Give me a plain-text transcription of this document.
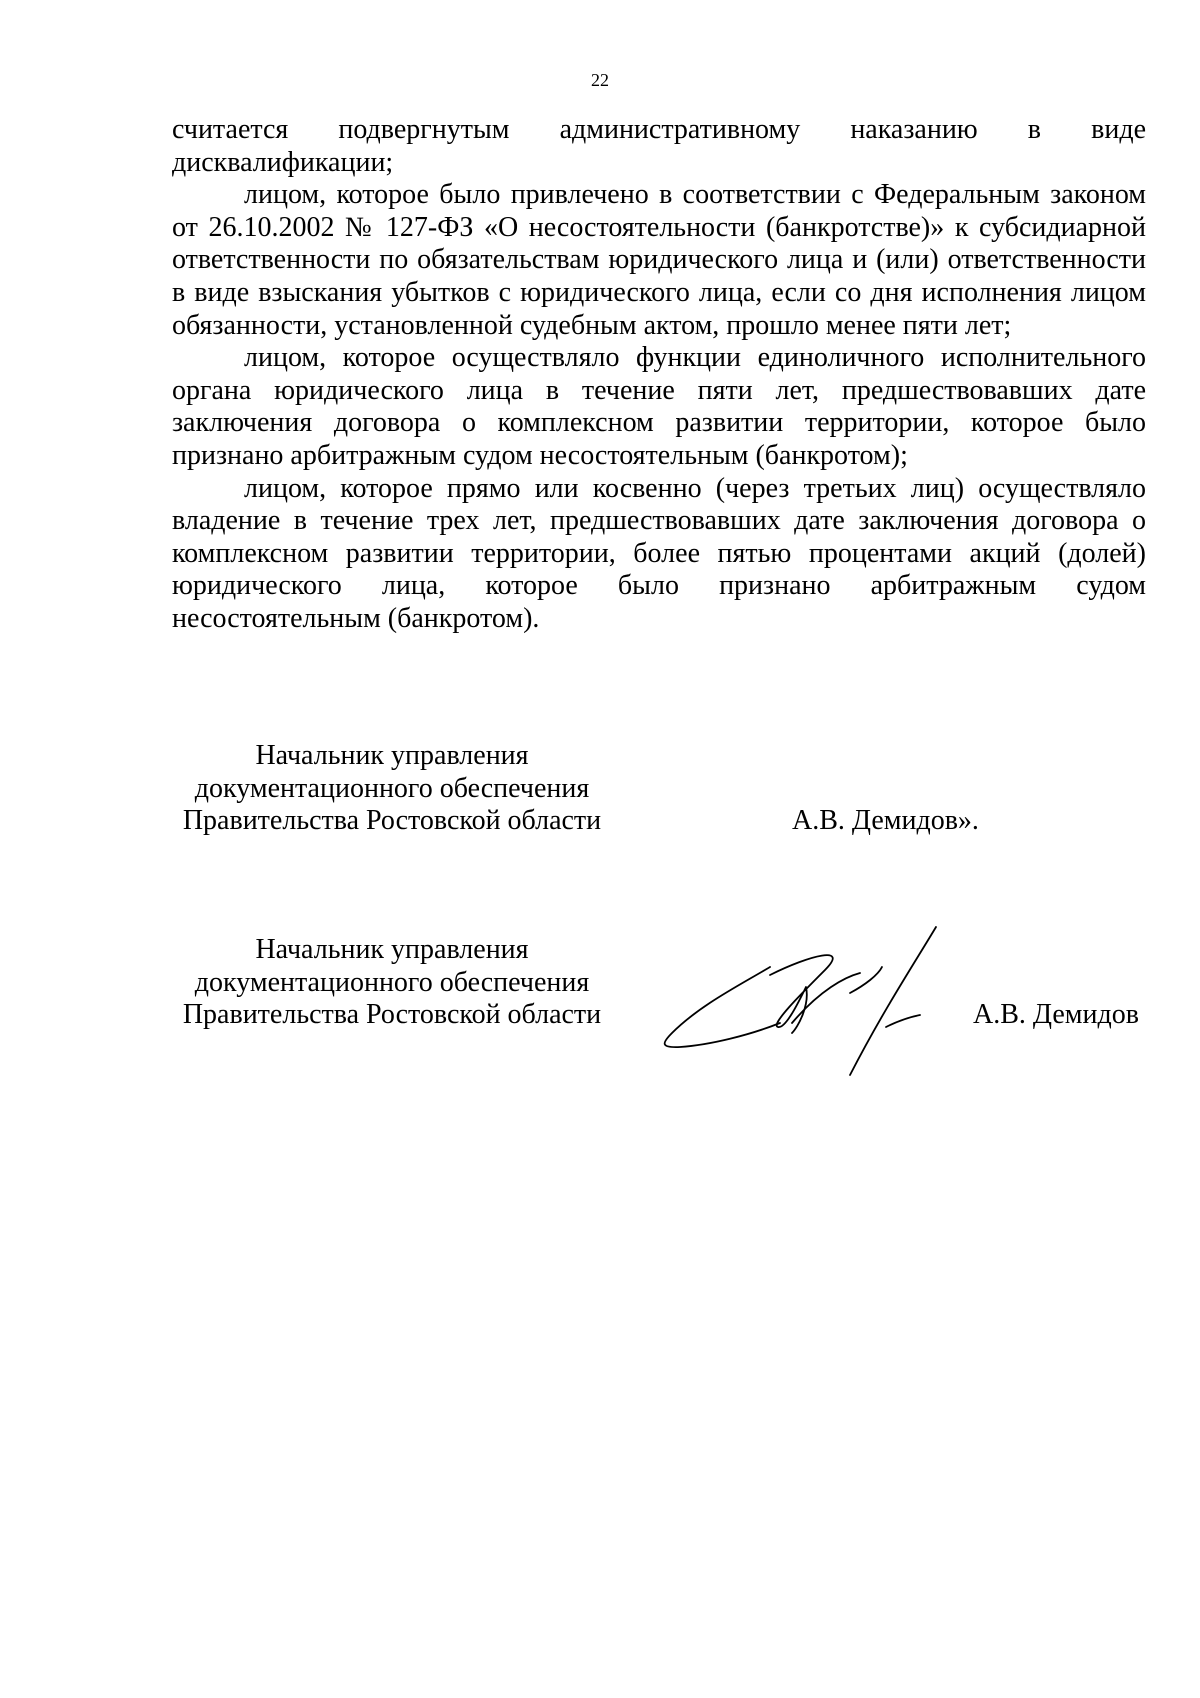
22

считается подвергнутым административному наказанию в виде дисквалификации;

лицом, которое было привлечено в соответствии с Федеральным законом от 26.10.2002 № 127-ФЗ «О несостоятельности (банкротстве)» к субсидиарной ответственности по обязательствам юридического лица и (или) ответственности в виде взыскания убытков с юридического лица, если со дня исполнения лицом обязанности, установленной судебным актом, прошло менее пяти лет;

лицом, которое осуществляло функции единоличного исполнительного органа юридического лица в течение пяти лет, предшествовавших дате заключения договора о комплексном развитии территории, которое было признано арбитражным судом несостоятельным (банкротом);

лицом, которое прямо или косвенно (через третьих лиц) осуществляло владение в течение трех лет, предшествовавших дате заключения договора о комплексном развитии территории, более пятью процентами акций (долей) юридического лица, которое было признано арбитражным судом несостоятельным (банкротом).

Начальник управления
документационного обеспечения
Правительства Ростовской области	А.В. Демидов».
Начальник управления
документационного обеспечения
Правительства Ростовской области	А.В. Демидов
